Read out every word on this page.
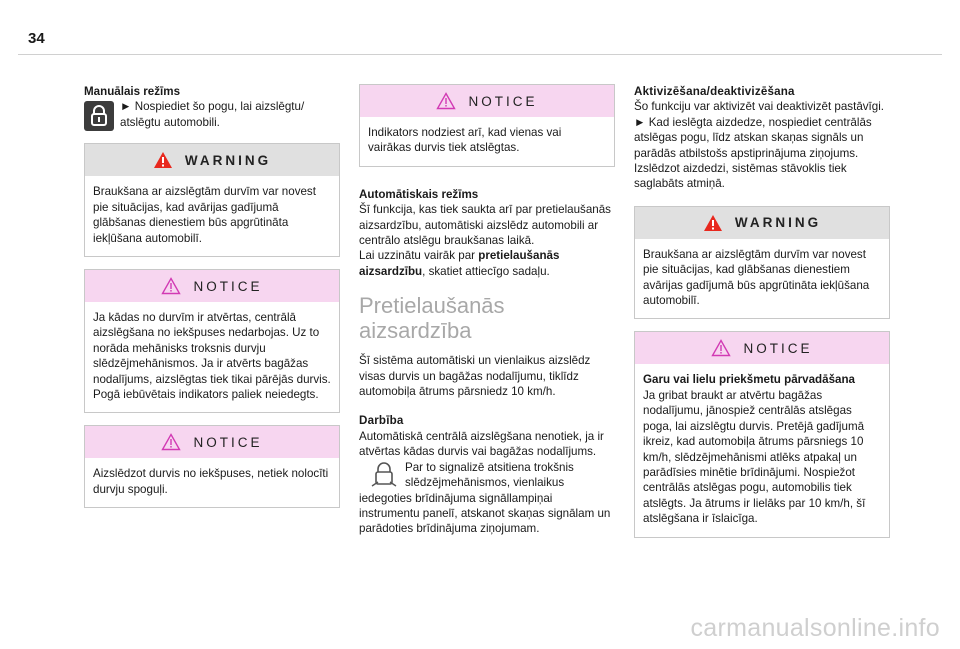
34

Manuālais režīms

► Nospiediet šo pogu, lai aizslēgtu/ atslēgtu automobili.

WARNING

Braukšana ar aizslēgtām durvīm var novest pie situācijas, kad avārijas gadījumā glābšanas dienestiem būs apgrūtināta iekļūšana automobilī.

NOTICE

Ja kādas no durvīm ir atvērtas, centrālā aizslēgšana no iekšpuses nedarbojas. Uz to norāda mehānisks troksnis durvju slēdzējmehānismos. Ja ir atvērts bagāžas nodalījums, aizslēgtas tiek tikai pārējās durvis. Pogā iebūvētais indikators paliek neiedegts.

NOTICE

Aizslēdzot durvis no iekšpuses, netiek nolocīti durvju spoguļi.

NOTICE

Indikators nodziest arī, kad vienas vai vairākas durvis tiek atslēgtas.

Automātiskais režīms

Šī funkcija, kas tiek saukta arī par pretielaušanās aizsardzību, automātiski aizslēdz automobili ar centrālo atslēgu braukšanas laikā.

Lai uzzinātu vairāk par pretielaušanās aizsardzību, skatiet attiecīgo sadaļu.

Pretielaušanās
aizsardzība

Šī sistēma automātiski un vienlaikus aizslēdz visas durvis un bagāžas nodalījumu, tiklīdz automobiļa ātrums pārsniedz 10 km/h.

Darbība

Automātiskā centrālā aizslēgšana nenotiek, ja ir atvērtas kādas durvis vai bagāžas nodalījums.

Par to signalizē atsitiena trokšnis slēdzējmehānismos, vienlaikus iedegoties brīdinājuma signāllampiņai instrumentu panelī, atskanot skaņas signālam un parādoties brīdinājuma ziņojumam.

Aktivizēšana/deaktivizēšana

Šo funkciju var aktivizēt vai deaktivizēt pastāvīgi. ► Kad ieslēgta aizdedze, nospiediet centrālās atslēgas pogu, līdz atskan skaņas signāls un parādās atbilstošs apstiprinājuma ziņojums. Izslēdzot aizdedzi, sistēmas stāvoklis tiek saglabāts atmiņā.

WARNING

Braukšana ar aizslēgtām durvīm var novest pie situācijas, kad glābšanas dienestiem avārijas gadījumā būs apgrūtināta iekļūšana automobilī.

NOTICE

Garu vai lielu priekšmetu pārvadāšana

Ja gribat braukt ar atvērtu bagāžas nodalījumu, jānospiež centrālās atslēgas poga, lai aizslēgtu durvis. Pretējā gadījumā ikreiz, kad automobiļa ātrums pārsniegs 10 km/h, slēdzējmehānismi atlēks atpakaļ un parādīsies minētie brīdinājumi. Nospiežot centrālās atslēgas pogu, automobilis tiek atslēgts. Ja ātrums ir lielāks par 10 km/h, šī atslēgšana ir īslaicīga.

carmanualsonline.info
